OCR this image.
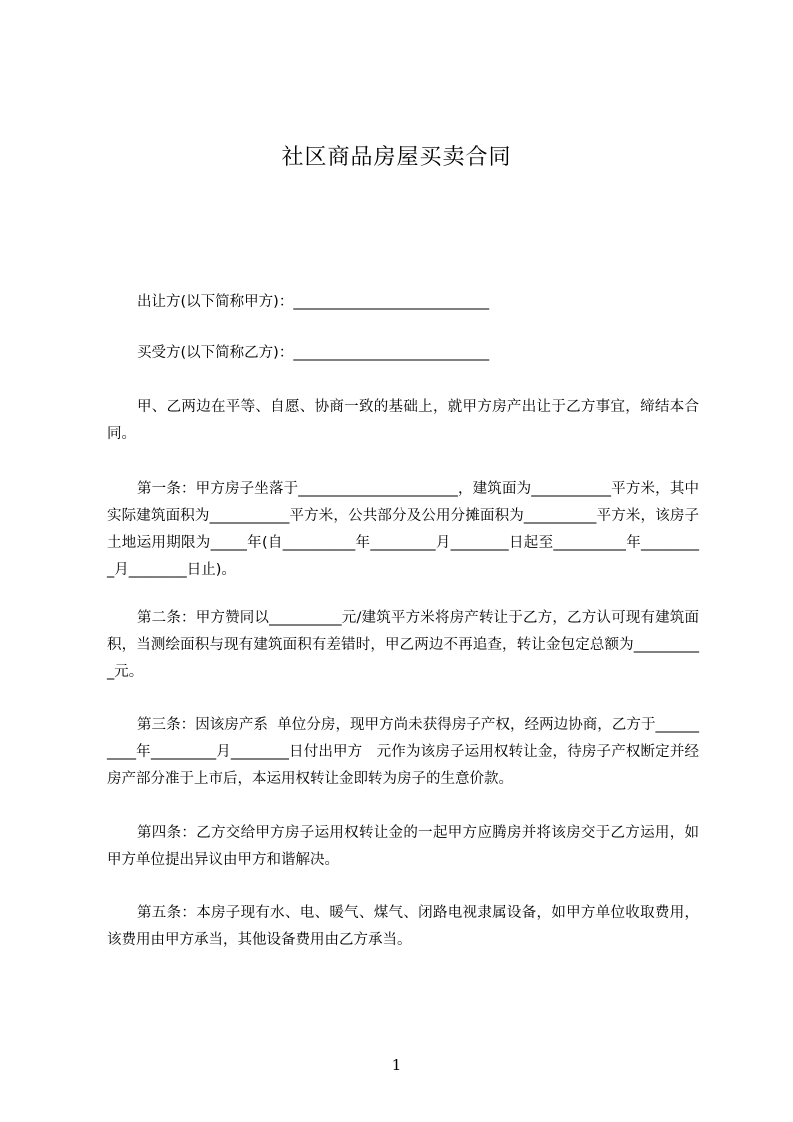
社区商品房屋买卖合同
出让方(以下简称甲方)：___________________________
买受方(以下简称乙方)：___________________________
甲、乙两边在平等、自愿、协商一致的基础上，就甲方房产出让于乙方事宜，缔结本合同。
第一条：甲方房子坐落于______________________，建筑面为___________平方米，其中实际建筑面积为___________平方米，公共部分及公用分摊面积为__________平方米，该房子土地运用期限为_____年(自__________年_________月________日起至__________年_________月________日止)。
第二条：甲方赞同以__________元/建筑平方米将房产转让于乙方，乙方认可现有建筑面积，当测绘面积与现有建筑面积有差错时，甲乙两边不再追查，转让金包定总额为__________元。
第三条：因该房产系  单位分房，现甲方尚未获得房子产权，经两边协商，乙方于__________年_________月________日付出甲方   元作为该房子运用权转让金，待房子产权断定并经房产部分准于上市后，本运用权转让金即转为房子的生意价款。
第四条：乙方交给甲方房子运用权转让金的一起甲方应腾房并将该房交于乙方运用，如甲方单位提出异议由甲方和谐解决。
第五条：本房子现有水、电、暖气、煤气、闭路电视隶属设备，如甲方单位收取费用，该费用由甲方承当，其他设备费用由乙方承当。
1
